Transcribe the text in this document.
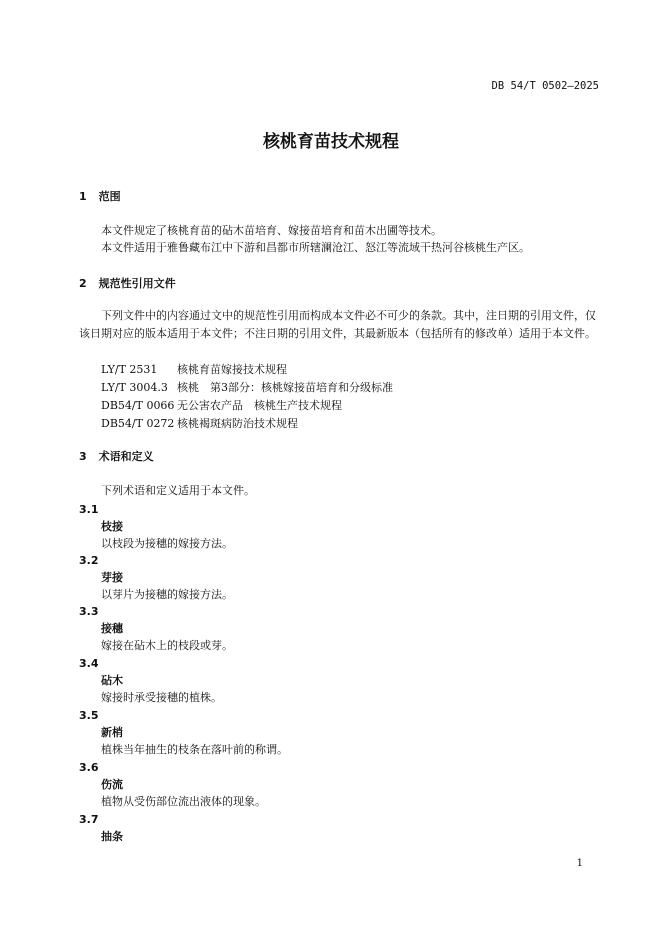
DB 54/T 0502—2025
核桃育苗技术规程
1 范围
本文件规定了核桃育苗的砧木苗培育、嫁接苗培育和苗木出圃等技术。
本文件适用于雅鲁藏布江中下游和昌都市所辖澜沧江、怒江等流域干热河谷核桃生产区。
2 规范性引用文件
下列文件中的内容通过文中的规范性引用而构成本文件必不可少的条款。其中，注日期的引用文件，仅该日期对应的版本适用于本文件；不注日期的引用文件，其最新版本（包括所有的修改单）适用于本文件。
LY/T 2531 核桃育苗嫁接技术规程
LY/T 3004.3 核桃　第3部分：核桃嫁接苗培育和分级标准
DB54/T 0066 无公害农产品　核桃生产技术规程
DB54/T 0272 核桃褐斑病防治技术规程
3 术语和定义
下列术语和定义适用于本文件。
3.1
枝接
以枝段为接穗的嫁接方法。
3.2
芽接
以芽片为接穗的嫁接方法。
3.3
接穗
嫁接在砧木上的枝段或芽。
3.4
砧木
嫁接时承受接穗的植株。
3.5
新梢
植株当年抽生的枝条在落叶前的称谓。
3.6
伤流
植物从受伤部位流出液体的现象。
3.7
抽条
1
